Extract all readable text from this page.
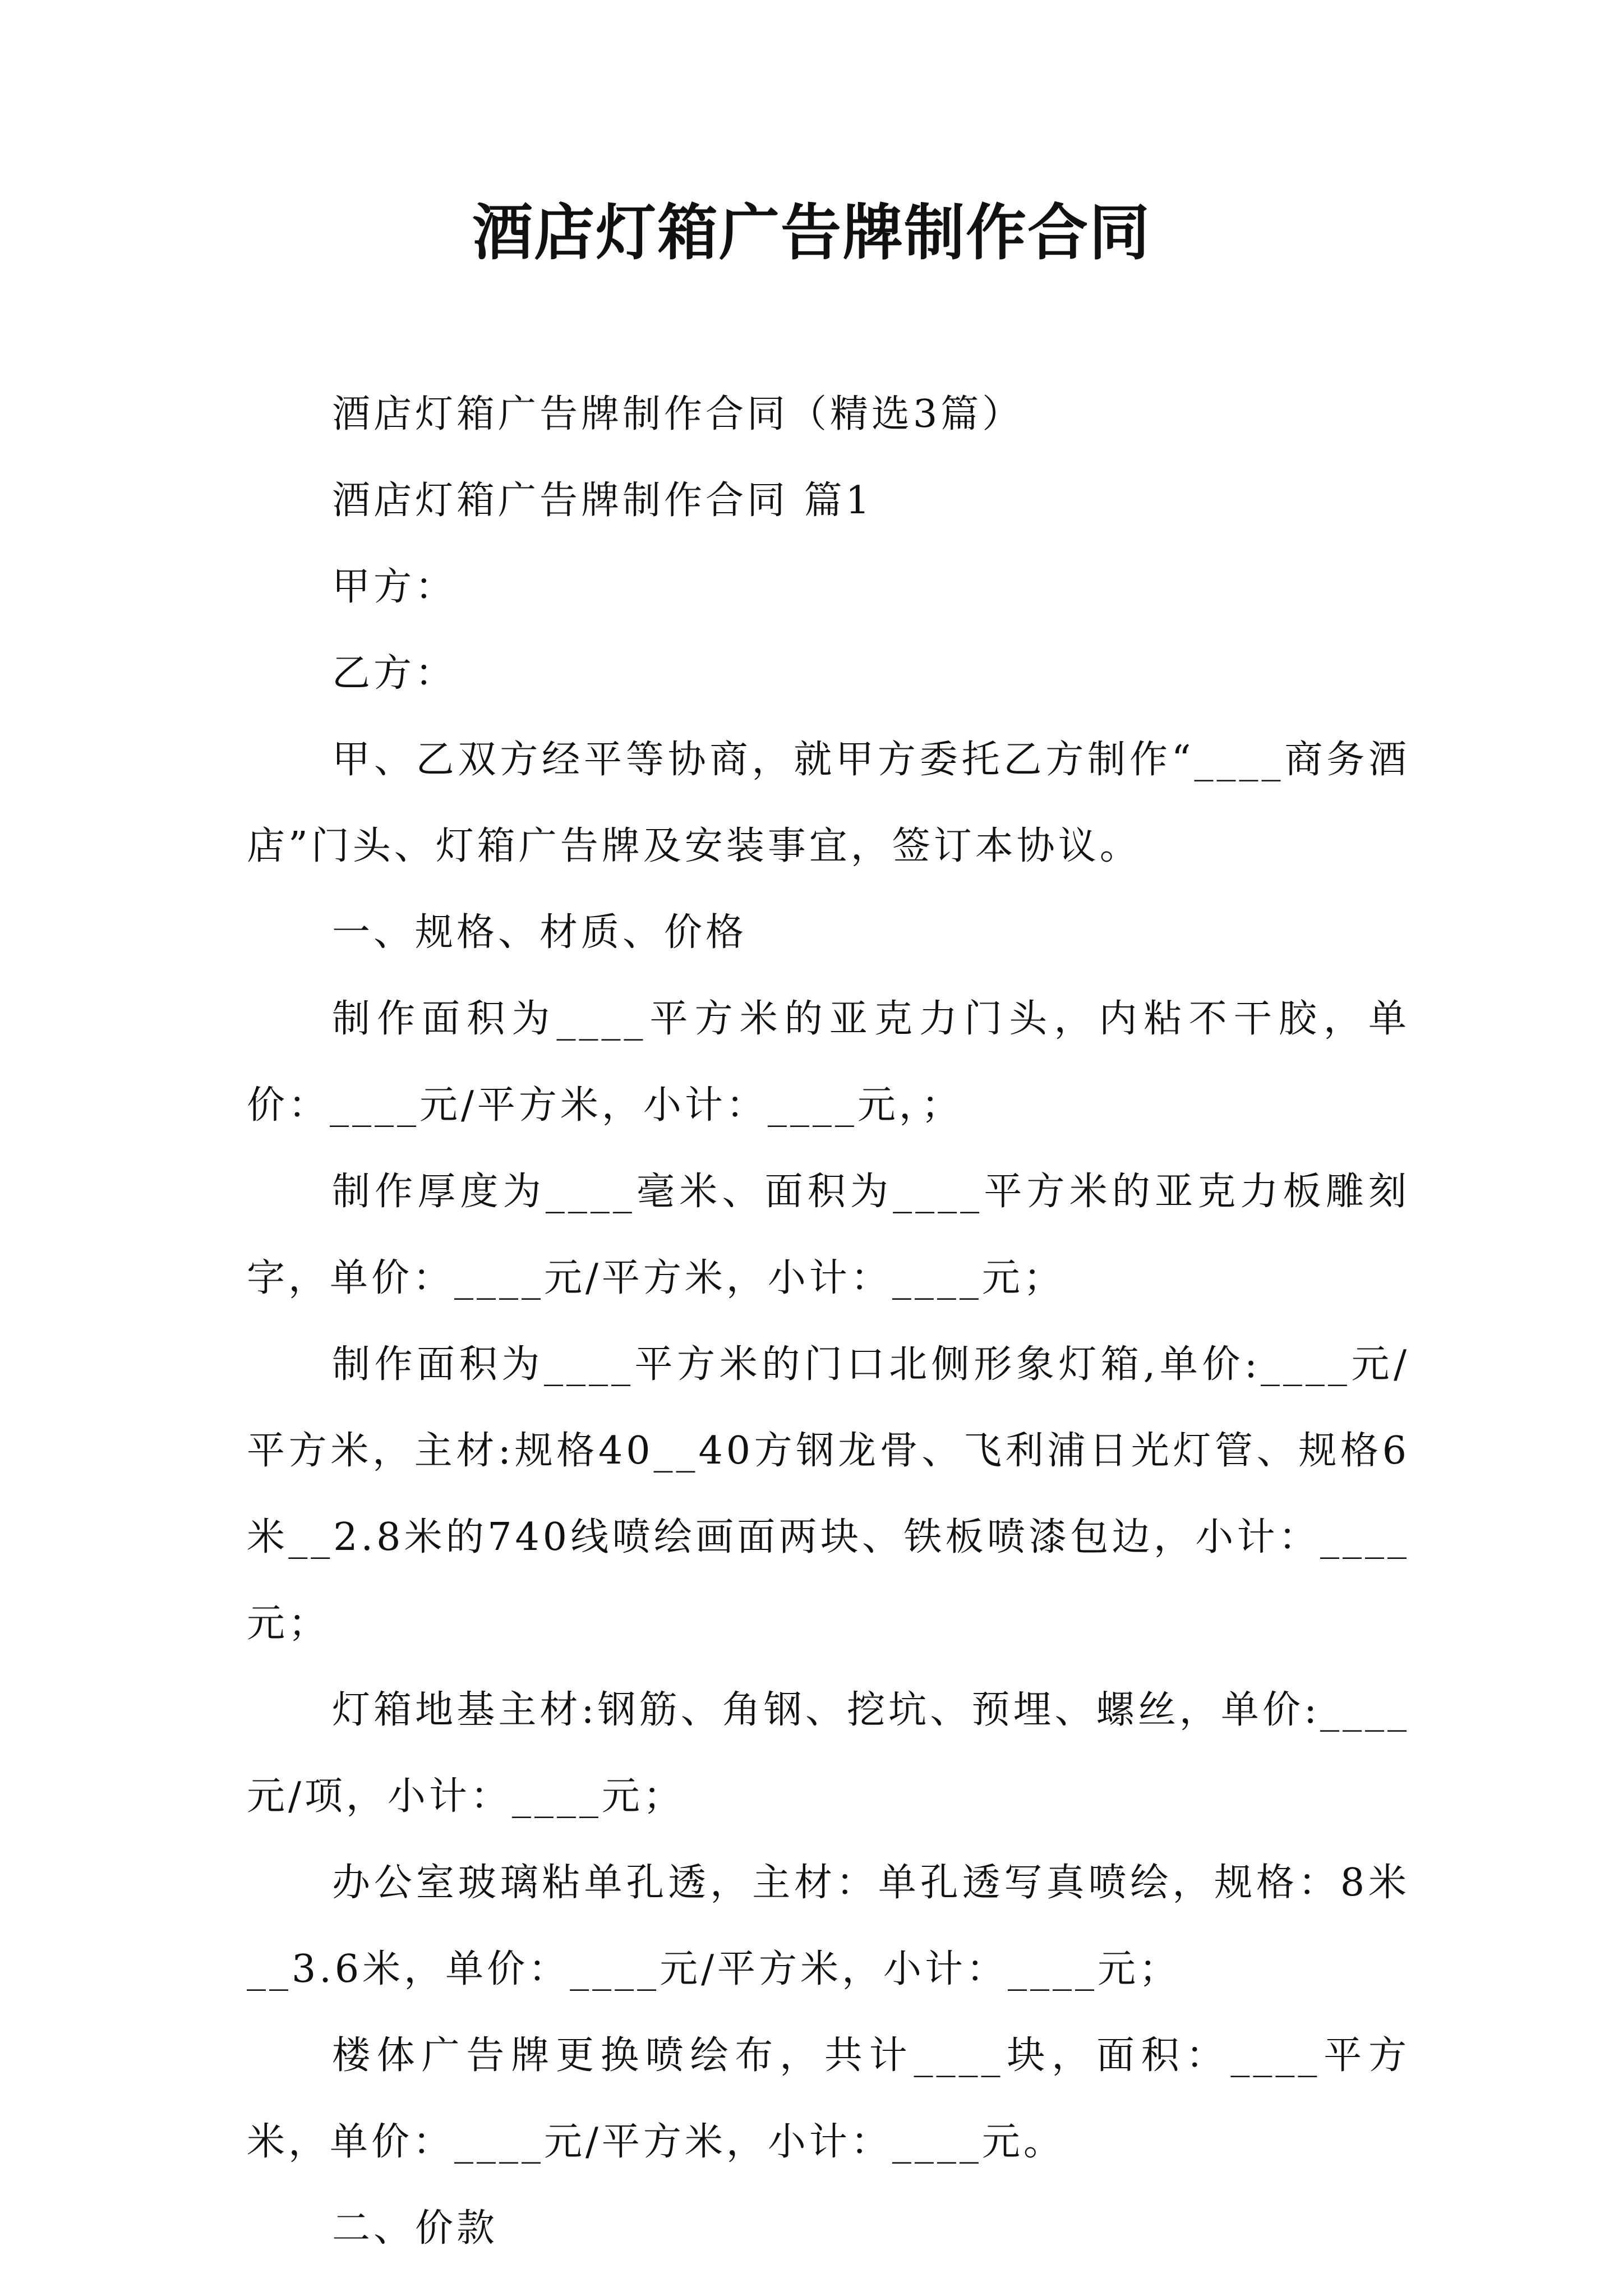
酒店灯箱广告牌制作合同

酒店灯箱广告牌制作合同（精选3篇）

酒店灯箱广告牌制作合同 篇1

甲方：

乙方：

甲、乙双方经平等协商，就甲方委托乙方制作“____商务酒店”门头、灯箱广告牌及安装事宜，签订本协议。

一、规格、材质、价格

制作面积为____平方米的亚克力门头，内粘不干胶，单价：____元/平方米，小计：____元，；

制作厚度为____毫米、面积为____平方米的亚克力板雕刻字，单价：____元/平方米，小计：____元；

制作面积为____平方米的门口北侧形象灯箱,单价:____元/平方米，主材:规格40__40方钢龙骨、飞利浦日光灯管、规格6米__2.8米的740线喷绘画面两块、铁板喷漆包边，小计：____元；

灯箱地基主材:钢筋、角钢、挖坑、预埋、螺丝，单价:____元/项，小计：____元；

办公室玻璃粘单孔透，主材：单孔透写真喷绘，规格：8米__3.6米，单价：____元/平方米，小计：____元；

楼体广告牌更换喷绘布，共计____块，面积：____平方米，单价：____元/平方米，小计：____元。

二、价款
